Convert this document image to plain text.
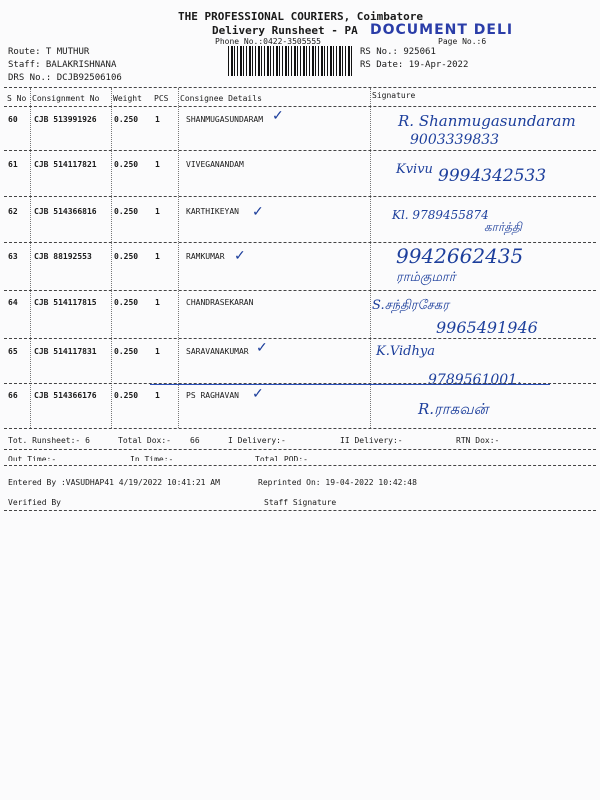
THE PROFESSIONAL COURIERS, Coimbatore
Delivery Runsheet - PA
Phone No.:0422-3505555
DOCUMENT DELI
Page No.:6
Route: T MUTHUR
Staff: BALAKRISHNANA
DRS No.: DCJB92506106
RS No.: 925061
RS Date: 19-Apr-2022
S No Consignment No Weight PCS Consignee Details	Signature
60 CJB 513991926 0.250 1	SHANMUGASUNDARAM ✓	R. Shanmugasundaram
9003339833
61 CJB 514117821 0.250 1	VIVEGANANDAM	Kvivu 9994342533
62 CJB 514366816 0.250 1	KARTHIKEYAN ✓	Kl. 9789455874
கார்த்தி
63 CJB 88192553	0.250 1	RAMKUMAR ✓	9942662435
ராம்குமார்
64 CJB 514117815 0.250 1	CHANDRASEKARAN	S.சந்திரசேகர
9965491946
65 CJB 514117831 0.250 1	SARAVANAKUMAR ✓	K.Vidhya
9789561001.
66 CJB 514366176 0.250 1	PS RAGHAVAN ✓
R.ராகவன்
Tot. Runsheet:- 6	Total Dox:- 66	I Delivery:-	II Delivery:-	RTN Dox:-
Out Time:-	In Time:-	Total POD:-
Entered By :VASUDHAP41 4/19/2022 10:41:21 AM	Reprinted On: 19-04-2022 10:42:48
Verified By	Staff Signature
